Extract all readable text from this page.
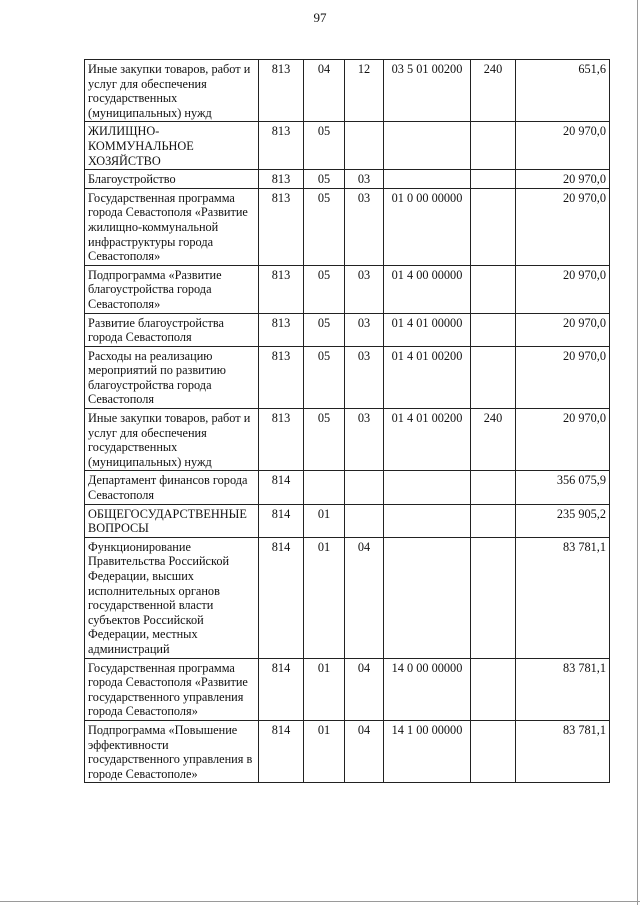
97
Иные закупки товаров, работ и услуг для обеспечения государственных (муниципальных) нужд	813	04	12	03 5 01 00200	240	651,6
ЖИЛИЩНО-КОММУНАЛЬНОЕ ХОЗЯЙСТВО	813	05				20 970,0
Благоустройство	813	05	03			20 970,0
Государственная программа города Севастополя «Развитие жилищно-коммунальной инфраструктуры города Севастополя»	813	05	03	01 0 00 00000		20 970,0
Подпрограмма «Развитие благоустройства города Севастополя»	813	05	03	01 4 00 00000		20 970,0
Развитие благоустройства города Севастополя	813	05	03	01 4 01 00000		20 970,0
Расходы на реализацию мероприятий по развитию благоустройства города Севастополя	813	05	03	01 4 01 00200		20 970,0
Иные закупки товаров, работ и услуг для обеспечения государственных (муниципальных) нужд	813	05	03	01 4 01 00200	240	20 970,0
Департамент финансов города Севастополя	814					356 075,9
ОБЩЕГОСУДАРСТВЕННЫЕ ВОПРОСЫ	814	01				235 905,2
Функционирование Правительства Российской Федерации, высших исполнительных органов государственной власти субъектов Российской Федерации, местных администраций	814	01	04			83 781,1
Государственная программа города Севастополя «Развитие государственного управления города Севастополя»	814	01	04	14 0 00 00000		83 781,1
Подпрограмма «Повышение эффективности государственного управления в городе Севастополе»	814	01	04	14 1 00 00000		83 781,1
